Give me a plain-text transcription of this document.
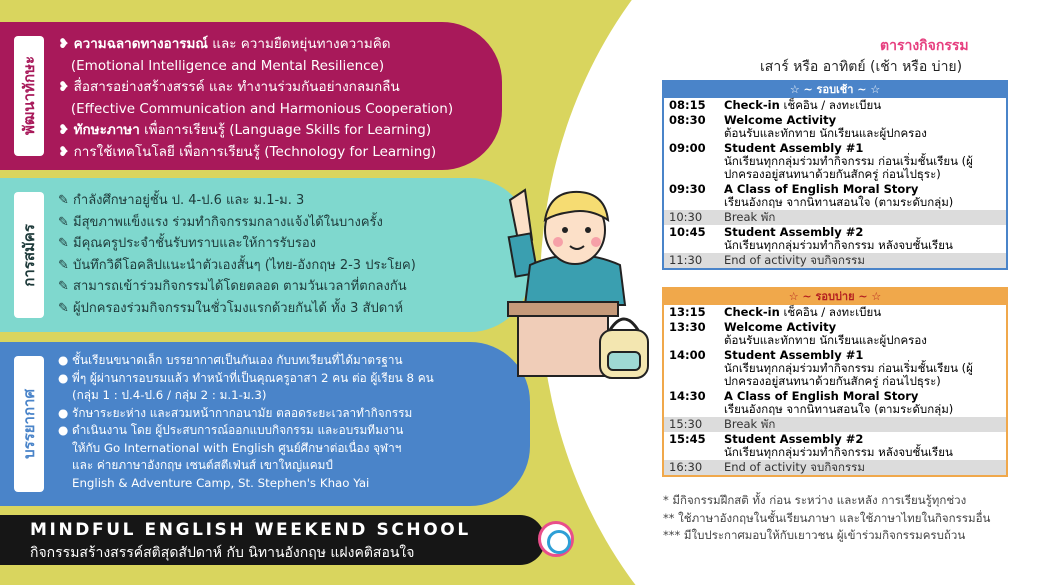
พัฒนาทักษะ
❥ ความฉลาดทางอารมณ์ และ ความยืดหยุ่นทางความคิด
(Emotional Intelligence and Mental Resilience)
❥ สื่อสารอย่างสร้างสรรค์ และ ทำงานร่วมกันอย่างกลมกลืน
(Effective Communication and Harmonious Cooperation)
❥ ทักษะภาษา เพื่อการเรียนรู้ (Language Skills for Learning)
❥ การใช้เทคโนโลยี เพื่อการเรียนรู้ (Technology for Learning)
การสมัคร
✎ กำลังศึกษาอยู่ชั้น ป. 4-ป.6 และ ม.1-ม. 3
✎ มีสุขภาพแข็งแรง ร่วมทำกิจกรรมกลางแจ้งได้ในบางครั้ง
✎ มีคุณครูประจำชั้นรับทราบและให้การรับรอง
✎ บันทึกวิดีโอคลิปแนะนำตัวเองสั้นๆ (ไทย-อังกฤษ 2-3 ประโยค)
✎ สามารถเข้าร่วมกิจกรรมได้โดยตลอด ตามวันเวลาที่ตกลงกัน
✎ ผู้ปกครองร่วมกิจกรรมในชั่วโมงแรกด้วยกันได้ ทั้ง 3 สัปดาห์
บรรยากาศ
● ชั้นเรียนขนาดเล็ก บรรยากาศเป็นกันเอง กับบทเรียนที่ได้มาตรฐาน
● พี่ๆ ผู้ผ่านการอบรมแล้ว ทำหน้าที่เป็นคุณครูอาสา 2 คน ต่อ ผู้เรียน 8 คน
(กลุ่ม 1 : ป.4-ป.6 / กลุ่ม 2 : ม.1-ม.3)
● รักษาระยะห่าง และสวมหน้ากากอนามัย ตลอดระยะเวลาทำกิจกรรม
● ดำเนินงาน โดย ผู้ประสบการณ์ออกแบบกิจกรรม และอบรมทีมงาน
ให้กับ Go International with English ศูนย์ศึกษาต่อเนื่อง จุฬาฯ
และ ค่ายภาษาอังกฤษ เซนต์สตีเฟ่นส์ เขาใหญ่แคมป์
English & Adventure Camp, St. Stephen's Khao Yai
MINDFUL ENGLISH WEEKEND SCHOOL
กิจกรรมสร้างสรรค์สติสุดสัปดาห์ กับ นิทานอังกฤษ แฝงคติสอนใจ
ตารางกิจกรรม
เสาร์ หรือ อาทิตย์ (เช้า หรือ บ่าย)
☆ ~ รอบเช้า ~ ☆
08:15	Check-in เช็คอิน / ลงทะเบียน
08:30	Welcome Activity
ต้อนรับและทักทาย นักเรียนและผู้ปกครอง
09:00	Student Assembly #1
นักเรียนทุกกลุ่มร่วมทำกิจกรรม ก่อนเริ่มชั้นเรียน (ผู้ปกครองอยู่สนทนาด้วยกันสักครู่ ก่อนไปธุระ)
09:30	A Class of English Moral Story
เรียนอังกฤษ จากนิทานสอนใจ (ตามระดับกลุ่ม)
10:30	Break พัก
10:45	Student Assembly #2
นักเรียนทุกกลุ่มร่วมทำกิจกรรม หลังจบชั้นเรียน
11:30	End of activity จบกิจกรรม
☆ ~ รอบบ่าย ~ ☆
13:15	Check-in เช็คอิน / ลงทะเบียน
13:30	Welcome Activity
ต้อนรับและทักทาย นักเรียนและผู้ปกครอง
14:00	Student Assembly #1
นักเรียนทุกกลุ่มร่วมทำกิจกรรม ก่อนเริ่มชั้นเรียน (ผู้ปกครองอยู่สนทนาด้วยกันสักครู่ ก่อนไปธุระ)
14:30	A Class of English Moral Story
เรียนอังกฤษ จากนิทานสอนใจ (ตามระดับกลุ่ม)
15:30	Break พัก
15:45	Student Assembly #2
นักเรียนทุกกลุ่มร่วมทำกิจกรรม หลังจบชั้นเรียน
16:30	End of activity จบกิจกรรม
* มีกิจกรรมฝึกสติ ทั้ง ก่อน ระหว่าง และหลัง การเรียนรู้ทุกช่วง
** ใช้ภาษาอังกฤษในชั้นเรียนภาษา และใช้ภาษาไทยในกิจกรรมอื่น
*** มีใบประกาศมอบให้กับเยาวชน ผู้เข้าร่วมกิจกรรมครบถ้วน
